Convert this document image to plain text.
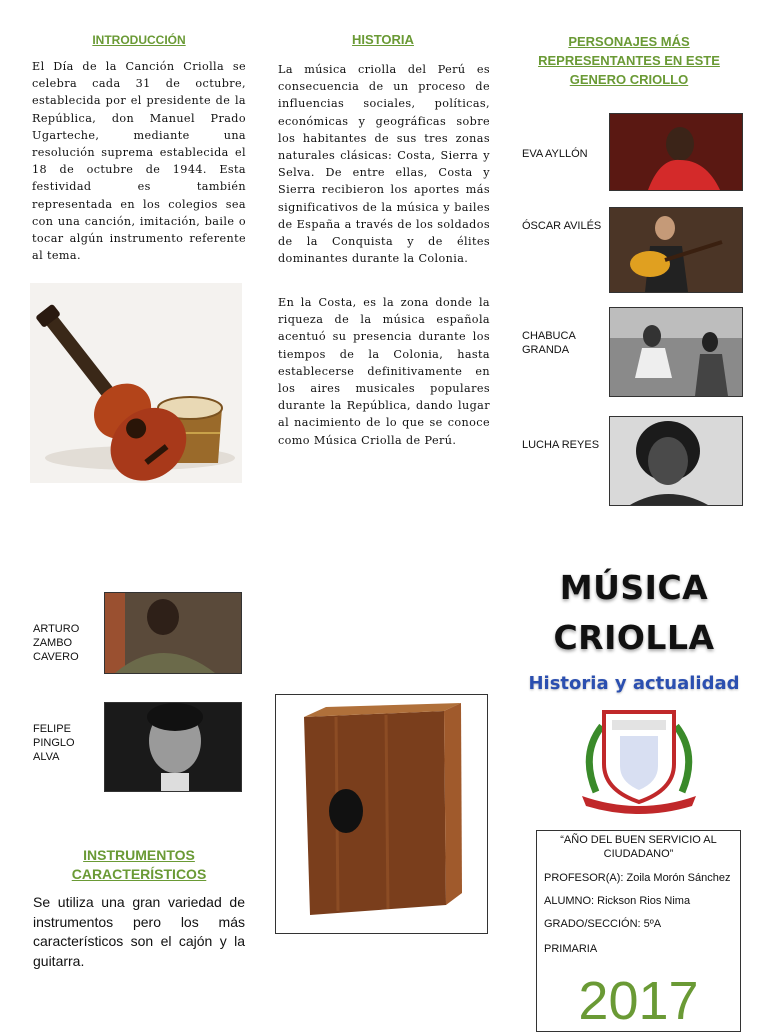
INTRODUCCIÓN

El Día de la Canción Criolla se celebra cada 31 de octubre, establecida por el presidente de la República, don Manuel Prado Ugarteche, mediante una resolución suprema establecida el 18 de octubre de 1944. Esta festividad es también representada en los colegios sea con una canción, imitación, baile o tocar algún instrumento referente al tema.

HISTORIA

La música criolla del Perú es consecuencia de un proceso de influencias sociales, políticas, económicas y geográficas sobre los habitantes de sus tres zonas naturales clásicas: Costa, Sierra y Selva. De entre ellas, Costa y Sierra recibieron los aportes más significativos de la música y bailes de España a través de los soldados de la Conquista y de élites dominantes durante la Colonia.

En la Costa, es la zona donde la riqueza de la música española acentuó su presencia durante los tiempos de la Colonia, hasta establecerse definitivamente en los aires musicales populares durante la República, dando lugar al nacimiento de lo que se conoce como Música Criolla de Perú.

PERSONAJES MÁS REPRESENTANTES EN ESTE GENERO CRIOLLO
EVA AYLLÓN
ÓSCAR AVILÉS
CHABUCA GRANDA
LUCHA REYES
ARTURO ZAMBO CAVERO
FELIPE PINGLO ALVA
INSTRUMENTOS CARACTERÍSTICOS

Se utiliza una gran variedad de instrumentos pero los más característicos son el cajón y la guitarra.

MÚSICA
CRIOLLA
Historia y actualidad
“AÑO DEL BUEN SERVICIO AL CIUDADANO”
PROFESOR(A): Zoila Morón Sánchez
ALUMNO: Rickson Rios Nima
GRADO/SECCIÓN: 5ºA
PRIMARIA
2017
